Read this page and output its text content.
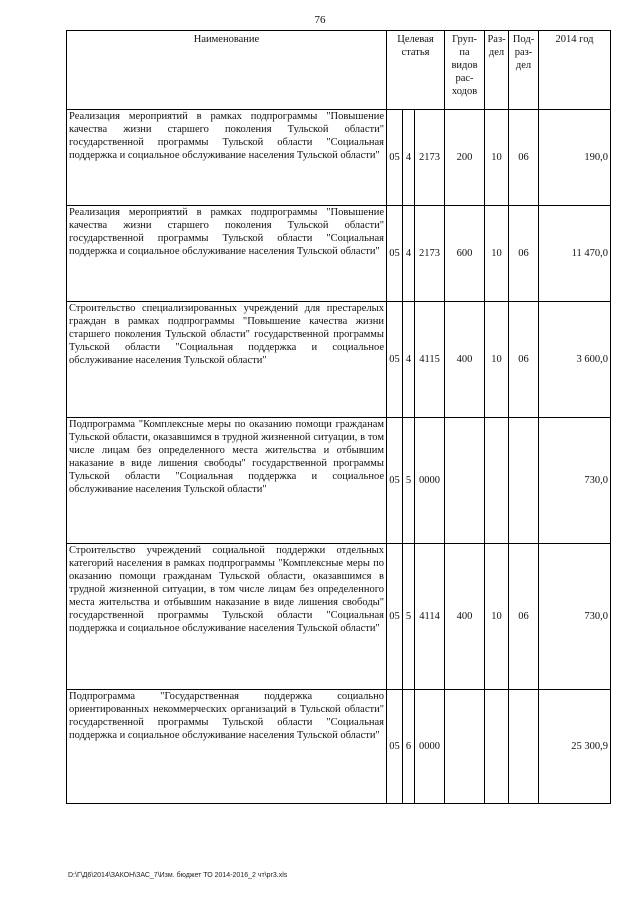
76
Наименование	Целевая статья			Груп-па видов рас-ходов	Раз-дел	Под-раз-дел	2014 год
Реализация мероприятий в рамках подпрограммы "Повышение качества жизни старшего поколения Тульской области" государственной программы Тульской области "Социальная поддержка и социальное обслуживание населения Тульской области"	05	4	2173	200	10	06	190,0
Реализация мероприятий в рамках подпрограммы "Повышение качества жизни старшего поколения Тульской области" государственной программы Тульской области "Социальная поддержка и социальное обслуживание населения Тульской области"	05	4	2173	600	10	06	11 470,0
Строительство специализированных учреждений для престарелых граждан в рамках подпрограммы "Повышение качества жизни старшего поколения Тульской области" государственной программы Тульской области "Социальная поддержка и социальное обслуживание населения Тульской области"	05	4	4115	400	10	06	3 600,0
Подпрограмма "Комплексные меры по оказанию помощи гражданам Тульской области, оказавшимся в трудной жизненной ситуации, в том числе лицам без определенного места жительства и отбывшим наказание в виде лишения свободы" государственной программы Тульской области "Социальная поддержка и социальное обслуживание населения Тульской области"	05	5	0000				730,0
Строительство учреждений социальной поддержки отдельных категорий населения в рамках подпрограммы "Комплексные меры по оказанию помощи гражданам Тульской области, оказавшимся в трудной жизненной ситуации, в том числе лицам без определенного места жительства и отбывшим наказание в виде лишения свободы" государственной программы Тульской области "Социальная поддержка и социальное обслуживание населения Тульской области"	05	5	4114	400	10	06	730,0
Подпрограмма "Государственная поддержка социально ориентированных некоммерческих организаций в Тульской области" государственной программы Тульской области "Социальная поддержка и социальное обслуживание населения Тульской области"	05	6	0000				25 300,9
D:\Г\Д6\2014\ЗАКОН\ЗАС_7\Изм. бюджет ТО 2014-2016_2 чт\pr3.xls
